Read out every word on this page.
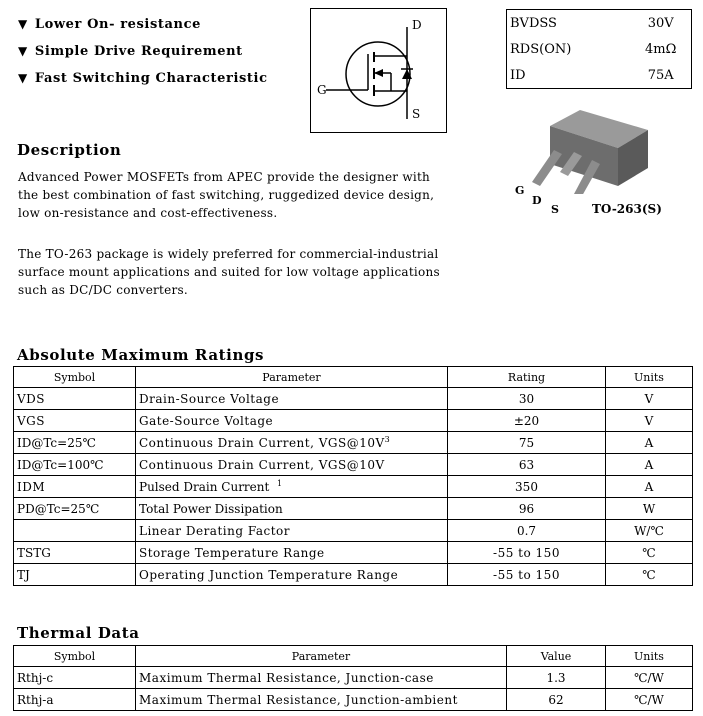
▼ Lower On- resistance
▼ Simple Drive Requirement
▼ Fast Switching Characteristic
D
G
S
BVDSS	30V
RDS(ON)	4mΩ
ID	75A
G
D
S	TO-263(S)
Description
Advanced Power MOSFETs from APEC provide the designer with
the best combination of fast switching, ruggedized device design,
low on-resistance and cost-effectiveness.
The TO-263 package is widely preferred for commercial-industrial
surface mount applications and suited for low voltage applications
such as DC/DC converters.
Absolute Maximum Ratings
Symbol	Parameter	Rating	Units
VDS	Drain-Source Voltage	30	V
VGS	Gate-Source Voltage	±20	V
ID@Tc=25℃	Continuous Drain Current, $VGS@10V^3$	75	A
ID@Tc=100℃	Continuous Drain Current, VGS@10V	63	A
IDM	Pulsed Drain Current $^1$	350	A
PD@Tc=25℃	Total Power Dissipation	96	W
	Linear Derating Factor	0.7	W/℃
TSTG	Storage Temperature Range	-55 to 150	℃
TJ	Operating Junction Temperature Range	-55 to 150	℃
Thermal Data
Symbol	Parameter	Value	Units
Rthj-c	Maximum Thermal Resistance, Junction-case	1.3	℃/W
Rthj-a	Maximum Thermal Resistance, Junction-ambient	62	℃/W
